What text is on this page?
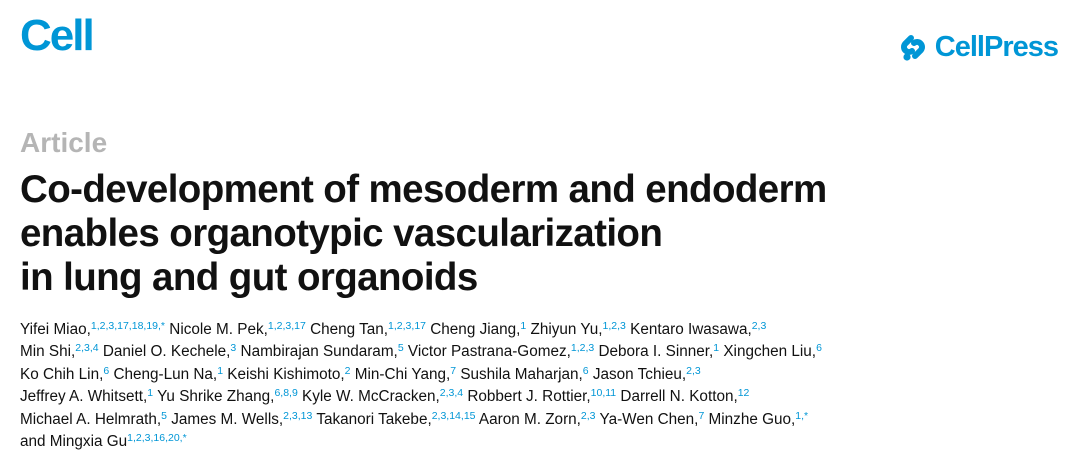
Cell	CellPress
Article
Co-development of mesoderm and endoderm
enables organotypic vascularization
in lung and gut organoids
Yifei Miao,$^{1,2,3,17,18,19,*}$ Nicole M. Pek,$^{1,2,3,17}$ Cheng Tan,$^{1,2,3,17}$ Cheng Jiang,$^1$ Zhiyun Yu,$^{1,2,3}$ Kentaro Iwasawa,$^{2,3}$
Min Shi,$^{2,3,4}$ Daniel O. Kechele,$^3$ Nambirajan Sundaram,$^5$ Victor Pastrana-Gomez,$^{1,2,3}$ Debora I. Sinner,$^1$ Xingchen Liu,$^6$
Ko Chih Lin,$^6$ Cheng-Lun Na,$^1$ Keishi Kishimoto,$^2$ Min-Chi Yang,$^7$ Sushila Maharjan,$^6$ Jason Tchieu,$^{2,3}$
Jeffrey A. Whitsett,$^1$ Yu Shrike Zhang,$^{6,8,9}$ Kyle W. McCracken,$^{2,3,4}$ Robbert J. Rottier,$^{10,11}$ Darrell N. Kotton,$^{12}$
Michael A. Helmrath,$^5$ James M. Wells,$^{2,3,13}$ Takanori Takebe,$^{2,3,14,15}$ Aaron M. Zorn,$^{2,3}$ Ya-Wen Chen,$^7$ Minzhe Guo,$^{1,*}$
and Mingxia $Gu^{1,2,3,16,20,*}$
